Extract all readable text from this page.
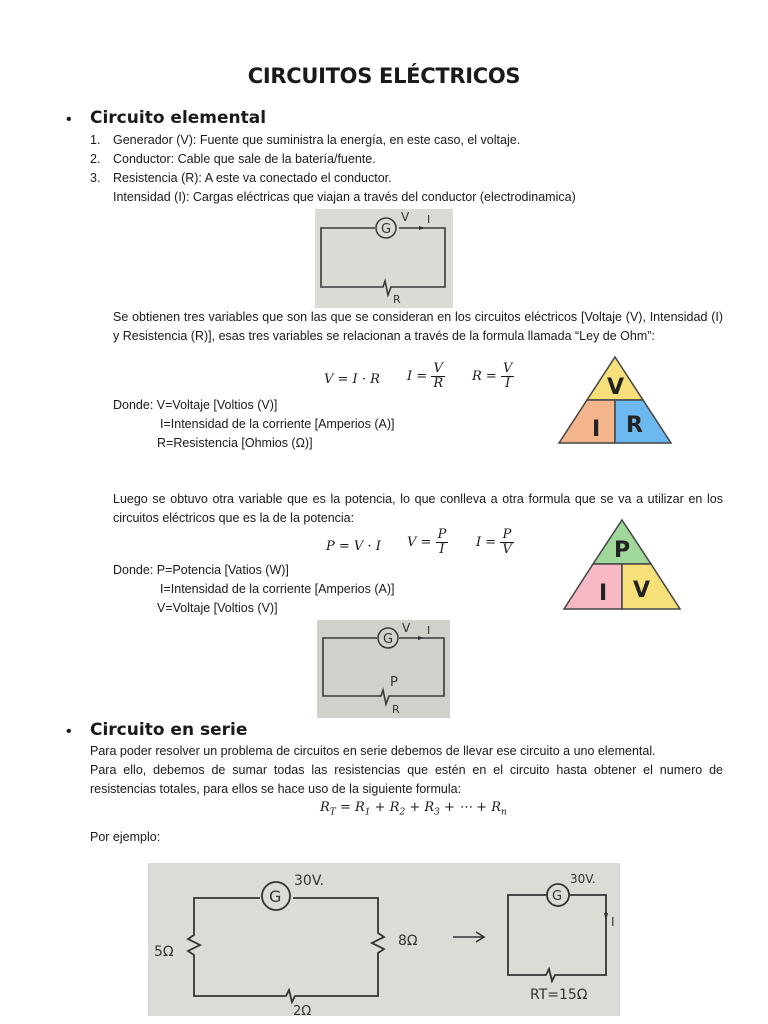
CIRCUITOS ELÉCTRICOS
• Circuito elemental
1. Generador (V): Fuente que suministra la energía, en este caso, el voltaje.
2. Conductor: Cable que sale de la batería/fuente.
3. Resistencia (R): A este va conectado el conductor.
Intensidad (I): Cargas eléctricas que viajan a través del conductor (electrodinamica)
G
V I
R
Se obtienen tres variables que son las que se consideran en los circuitos eléctricos [Voltaje (V), Intensidad (I) y Resistencia (R)], esas tres variables se relacionan a través de la formula llamada “Ley de Ohm”:
V = I · R $I = \frac{V}{R}$ $R = \frac{V}{I}$
Donde: V=Voltaje [Voltios (V)]
I=Intensidad de la corriente [Amperios (A)]
R=Resistencia [Ohmios (Ω)]
V
I R
Luego se obtuvo otra variable que es la potencia, lo que conlleva a otra formula que se va a utilizar en los circuitos eléctricos que es la de la potencia:
P = V · I $V = \frac{P}{I}$ $I = \frac{P}{V}$
Donde: P=Potencia [Vatios (W)]
I=Intensidad de la corriente [Amperios (A)]
V=Voltaje [Voltios (V)]
P
I V
G
V I
P
R
• Circuito en serie
Para poder resolver un problema de circuitos en serie debemos de llevar ese circuito a uno elemental.
Para ello, debemos de sumar todas las resistencias que estén en el circuito hasta obtener el numero de resistencias totales, para ellos se hace uso de la siguiente formula:
$R_T = R_1 + R_2 + R_3$ + ⋯ + $R_n$
Por ejemplo:
G
30V.
5Ω
8Ω
2Ω
G
30V.
I
RT=15Ω
